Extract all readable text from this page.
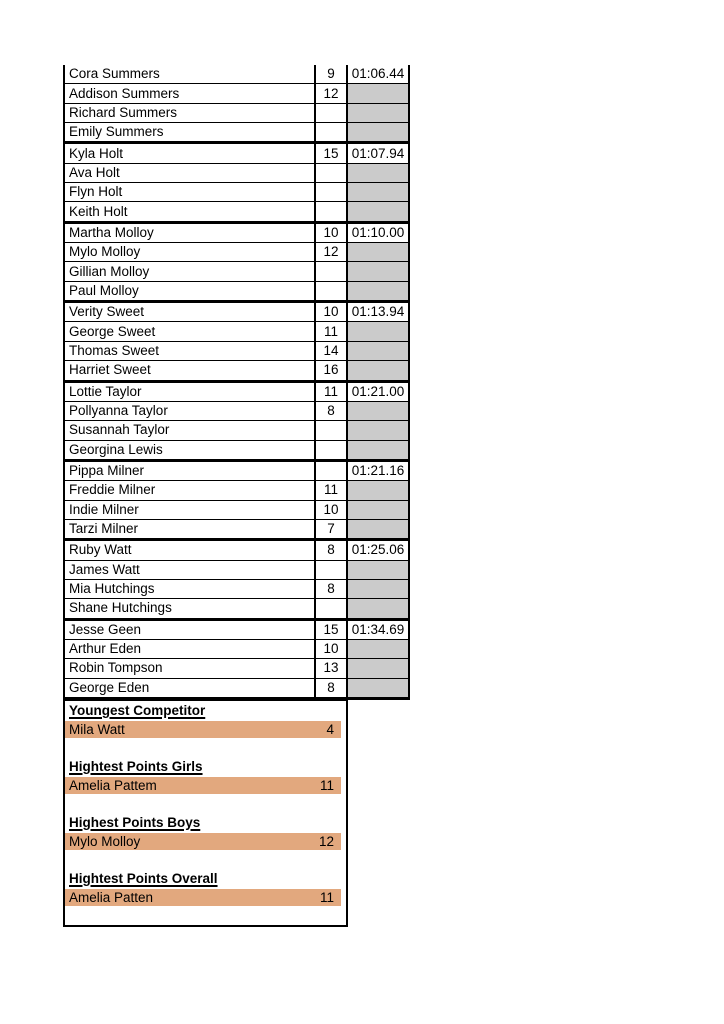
Cora Summers	9	01:06.44
Addison Summers	12	
Richard Summers		
Emily Summers		
Kyla Holt	15	01:07.94
Ava Holt		
Flyn Holt		
Keith Holt		
Martha Molloy	10	01:10.00
Mylo Molloy	12	
Gillian Molloy		
Paul Molloy		
Verity Sweet	10	01:13.94
George Sweet	11	
Thomas Sweet	14	
Harriet Sweet	16	
Lottie Taylor	11	01:21.00
Pollyanna Taylor	8	
Susannah Taylor		
Georgina Lewis		
Pippa Milner		01:21.16
Freddie Milner	11	
Indie Milner	10	
Tarzi Milner	7	
Ruby Watt	8	01:25.06
James Watt		
Mia Hutchings	8	
Shane Hutchings		
Jesse Geen	15	01:34.69
Arthur Eden	10	
Robin Tompson	13	
George Eden	8	
Youngest Competitor
Mila Watt	4
Hightest Points Girls
Amelia Pattem	11
Highest Points Boys
Mylo Molloy	12
Hightest Points Overall
Amelia Patten	11
